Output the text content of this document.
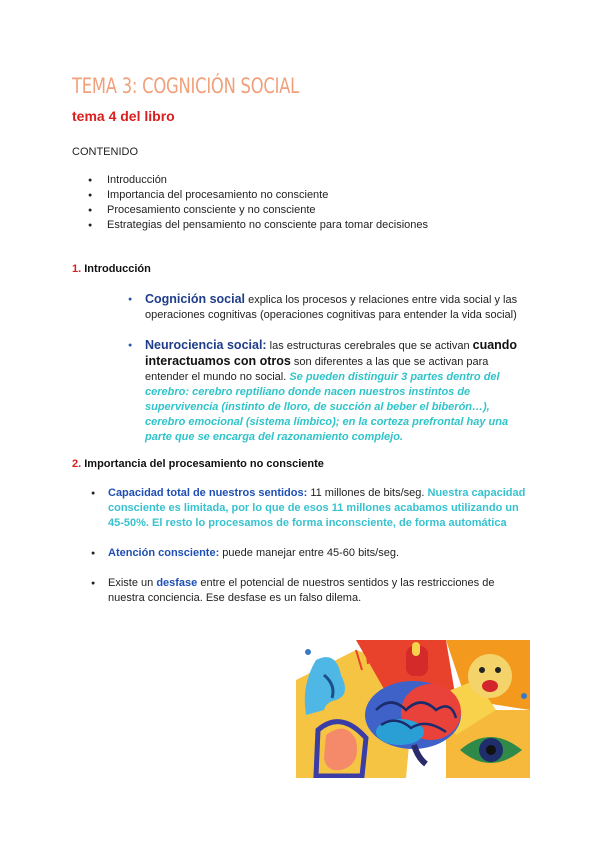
TEMA 3: COGNICIÓN SOCIAL
tema 4 del libro
CONTENIDO
● Introducción
● Importancia del procesamiento no consciente
● Procesamiento consciente y no consciente
● Estrategias del pensamiento no consciente para tomar decisiones
1. Introducción
● Cognición social explica los procesos y relaciones entre vida social y las operaciones cognitivas (operaciones cognitivas para entender la vida social)
● Neurociencia social: las estructuras cerebrales que se activan cuando interactuamos con otros son diferentes a las que se activan para entender el mundo no social. Se pueden distinguir 3 partes dentro del cerebro: cerebro reptiliano donde nacen nuestros instintos de supervivencia (instinto de lloro, de succión al beber el biberón…), cerebro emocional (sistema límbico); en la corteza prefrontal hay una parte que se encarga del razonamiento complejo.
2. Importancia del procesamiento no consciente
● Capacidad total de nuestros sentidos: 11 millones de bits/seg. Nuestra capacidad consciente es limitada, por lo que de esos 11 millones acabamos utilizando un 45-50%. El resto lo procesamos de forma inconsciente, de forma automática
● Atención consciente: puede manejar entre 45-60 bits/seg.
● Existe un desfase entre el potencial de nuestros sentidos y las restricciones de nuestra conciencia. Ese desfase es un falso dilema.
